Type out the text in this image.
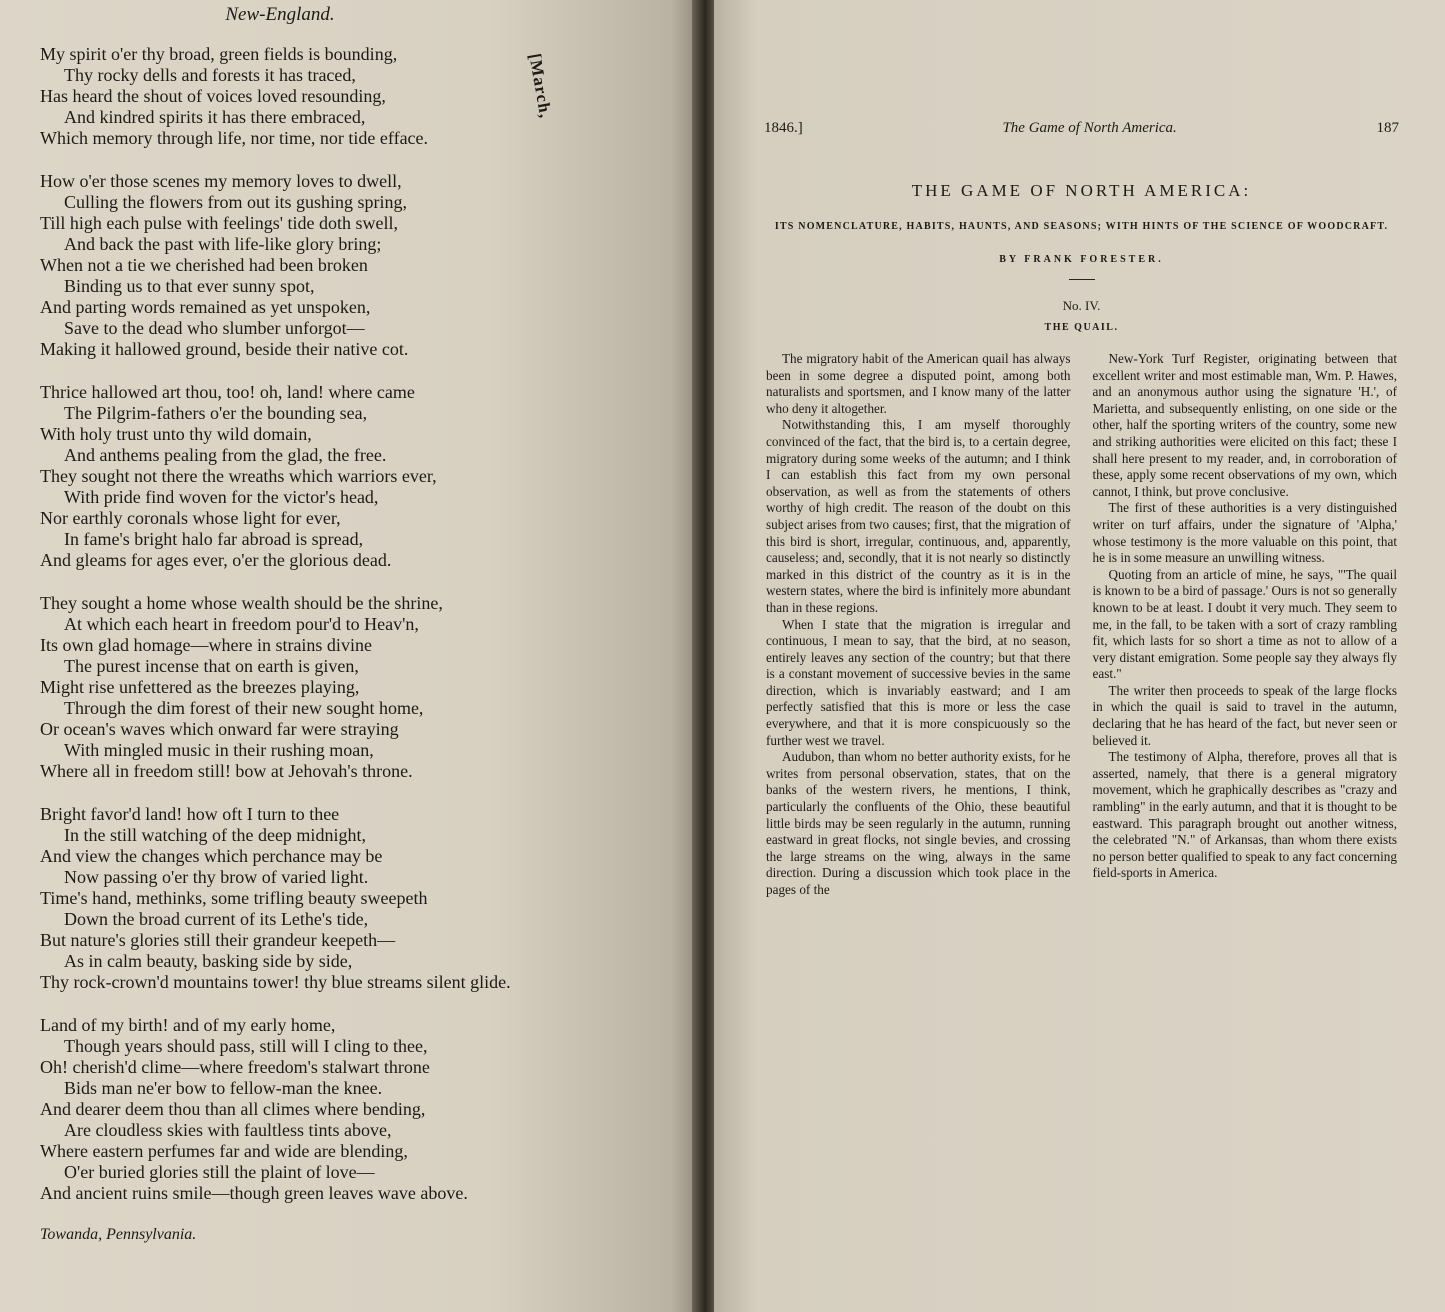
New-England.
[March,
My spirit o'er thy broad, green fields is bounding,
Thy rocky dells and forests it has traced,
Has heard the shout of voices loved resounding,
And kindred spirits it has there embraced,
Which memory through life, nor time, nor tide efface.
How o'er those scenes my memory loves to dwell,
Culling the flowers from out its gushing spring,
Till high each pulse with feelings' tide doth swell,
And back the past with life-like glory bring;
When not a tie we cherished had been broken
Binding us to that ever sunny spot,
And parting words remained as yet unspoken,
Save to the dead who slumber unforgot—
Making it hallowed ground, beside their native cot.
Thrice hallowed art thou, too! oh, land! where came
The Pilgrim-fathers o'er the bounding sea,
With holy trust unto thy wild domain,
And anthems pealing from the glad, the free.
They sought not there the wreaths which warriors ever,
With pride find woven for the victor's head,
Nor earthly coronals whose light for ever,
In fame's bright halo far abroad is spread,
And gleams for ages ever, o'er the glorious dead.
They sought a home whose wealth should be the shrine,
At which each heart in freedom pour'd to Heav'n,
Its own glad homage—where in strains divine
The purest incense that on earth is given,
Might rise unfettered as the breezes playing,
Through the dim forest of their new sought home,
Or ocean's waves which onward far were straying
With mingled music in their rushing moan,
Where all in freedom still! bow at Jehovah's throne.
Bright favor'd land! how oft I turn to thee
In the still watching of the deep midnight,
And view the changes which perchance may be
Now passing o'er thy brow of varied light.
Time's hand, methinks, some trifling beauty sweepeth
Down the broad current of its Lethe's tide,
But nature's glories still their grandeur keepeth—
As in calm beauty, basking side by side,
Thy rock-crown'd mountains tower! thy blue streams silent glide.
Land of my birth! and of my early home,
Though years should pass, still will I cling to thee,
Oh! cherish'd clime—where freedom's stalwart throne
Bids man ne'er bow to fellow-man the knee.
And dearer deem thou than all climes where bending,
Are cloudless skies with faultless tints above,
Where eastern perfumes far and wide are blending,
O'er buried glories still the plaint of love—
And ancient ruins smile—though green leaves wave above.
Towanda, Pennsylvania.
1846.]	The Game of North America.	187
THE GAME OF NORTH AMERICA:
ITS NOMENCLATURE, HABITS, HAUNTS, AND SEASONS; WITH HINTS OF THE SCIENCE OF WOODCRAFT.
BY FRANK FORESTER.
No. IV.
THE QUAIL.

The migratory habit of the American quail has always been in some degree a disputed point, among both naturalists and sportsmen, and I know many of the latter who deny it altogether.

Notwithstanding this, I am myself thoroughly convinced of the fact, that the bird is, to a certain degree, migratory during some weeks of the autumn; and I think I can establish this fact from my own personal observation, as well as from the statements of others worthy of high credit. The reason of the doubt on this subject arises from two causes; first, that the migration of this bird is short, irregular, continuous, and, apparently, causeless; and, secondly, that it is not nearly so distinctly marked in this district of the country as it is in the western states, where the bird is infinitely more abundant than in these regions.

When I state that the migration is irregular and continuous, I mean to say, that the bird, at no season, entirely leaves any section of the country; but that there is a constant movement of successive bevies in the same direction, which is invariably eastward; and I am perfectly satisfied that this is more or less the case everywhere, and that it is more conspicuously so the further west we travel.

Audubon, than whom no better authority exists, for he writes from personal observation, states, that on the banks of the western rivers, he mentions, I think, particularly the confluents of the Ohio, these beautiful little birds may be seen regularly in the autumn, running eastward in great flocks, not single bevies, and crossing the large streams on the wing, always in the same direction. During a discussion which took place in the pages of the

New-York Turf Register, originating between that excellent writer and most estimable man, Wm. P. Hawes, and an anonymous author using the signature 'H.', of Marietta, and subsequently enlisting, on one side or the other, half the sporting writers of the country, some new and striking authorities were elicited on this fact; these I shall here present to my reader, and, in corroboration of these, apply some recent observations of my own, which cannot, I think, but prove conclusive.

The first of these authorities is a very distinguished writer on turf affairs, under the signature of 'Alpha,' whose testimony is the more valuable on this point, that he is in some measure an unwilling witness.

Quoting from an article of mine, he says, "'The quail is known to be a bird of passage.' Ours is not so generally known to be at least. I doubt it very much. They seem to me, in the fall, to be taken with a sort of crazy rambling fit, which lasts for so short a time as not to allow of a very distant emigration. Some people say they always fly east."

The writer then proceeds to speak of the large flocks in which the quail is said to travel in the autumn, declaring that he has heard of the fact, but never seen or believed it.

The testimony of Alpha, therefore, proves all that is asserted, namely, that there is a general migratory movement, which he graphically describes as "crazy and rambling" in the early autumn, and that it is thought to be eastward. This paragraph brought out another witness, the celebrated "N." of Arkansas, than whom there exists no person better qualified to speak to any fact concerning field-sports in America.
